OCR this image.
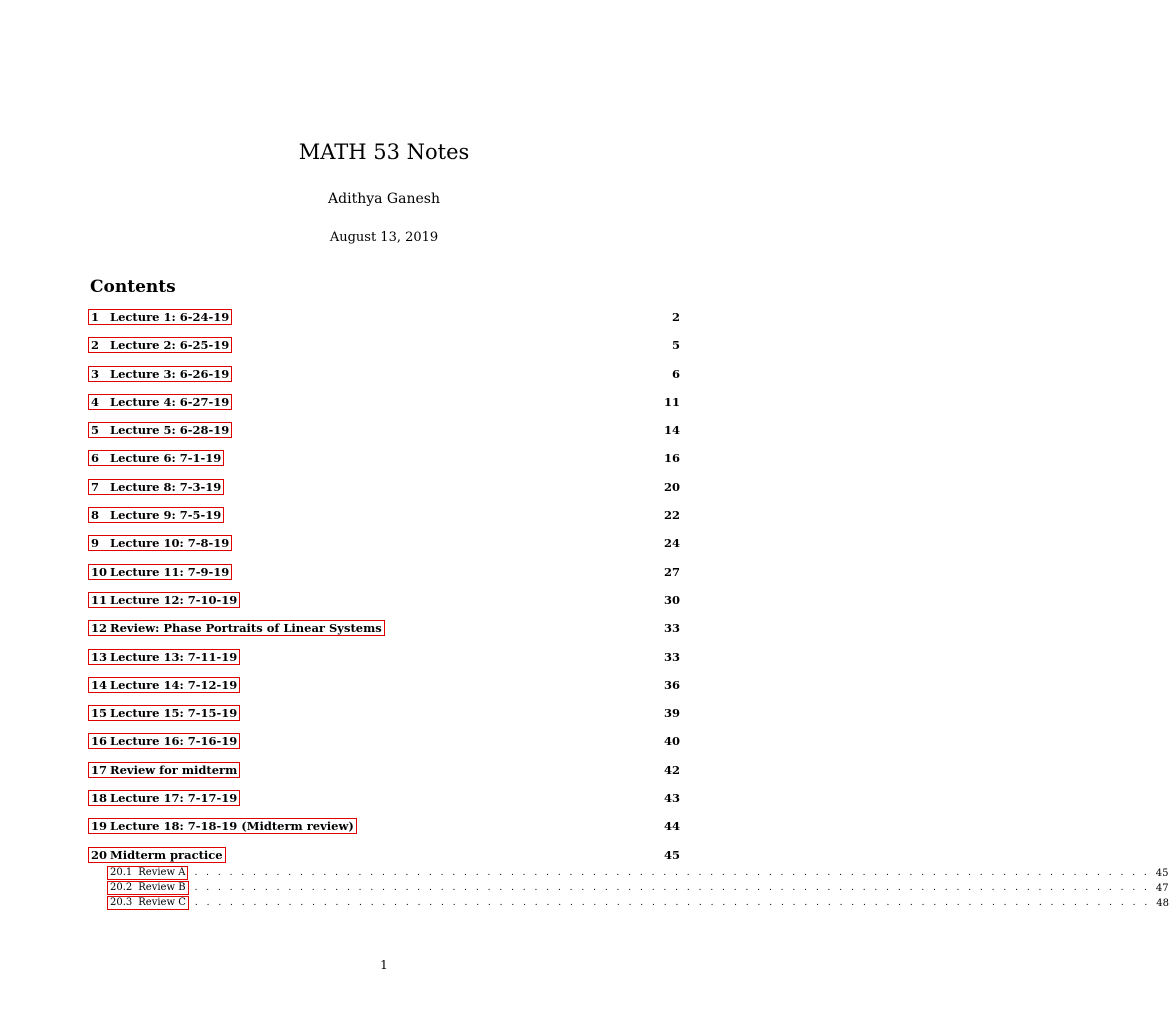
MATH 53 Notes
Adithya Ganesh
August 13, 2019
Contents
1 Lecture 1: 6-24-19	2
2 Lecture 2: 6-25-19	5
3 Lecture 3: 6-26-19	6
4 Lecture 4: 6-27-19	11
5 Lecture 5: 6-28-19	14
6 Lecture 6: 7-1-19	16
7 Lecture 8: 7-3-19	20
8 Lecture 9: 7-5-19	22
9 Lecture 10: 7-8-19	24
10 Lecture 11: 7-9-19	27
11 Lecture 12: 7-10-19	30
12 Review: Phase Portraits of Linear Systems	33
13 Lecture 13: 7-11-19	33
14 Lecture 14: 7-12-19	36
15 Lecture 15: 7-15-19	39
16 Lecture 16: 7-16-19	40
17 Review for midterm	42
18 Lecture 17: 7-17-19	43
19 Lecture 18: 7-18-19 (Midterm review)	44
20 Midterm practice	45
20.1 Review A	. . . . . . . . . . . . . . . . . . . . . . . . . . . . . . . . . . . . . . . . . . . . . . . . . . . . . . . . . . . . . . . . . . . . . . . . . . . . . . . . . . 45
20.2 Review B	. . . . . . . . . . . . . . . . . . . . . . . . . . . . . . . . . . . . . . . . . . . . . . . . . . . . . . . . . . . . . . . . . . . . . . . . . . . . . . . . . . 47
20.3 Review C	. . . . . . . . . . . . . . . . . . . . . . . . . . . . . . . . . . . . . . . . . . . . . . . . . . . . . . . . . . . . . . . . . . . . . . . . . . . . . . . . . . 48
1
